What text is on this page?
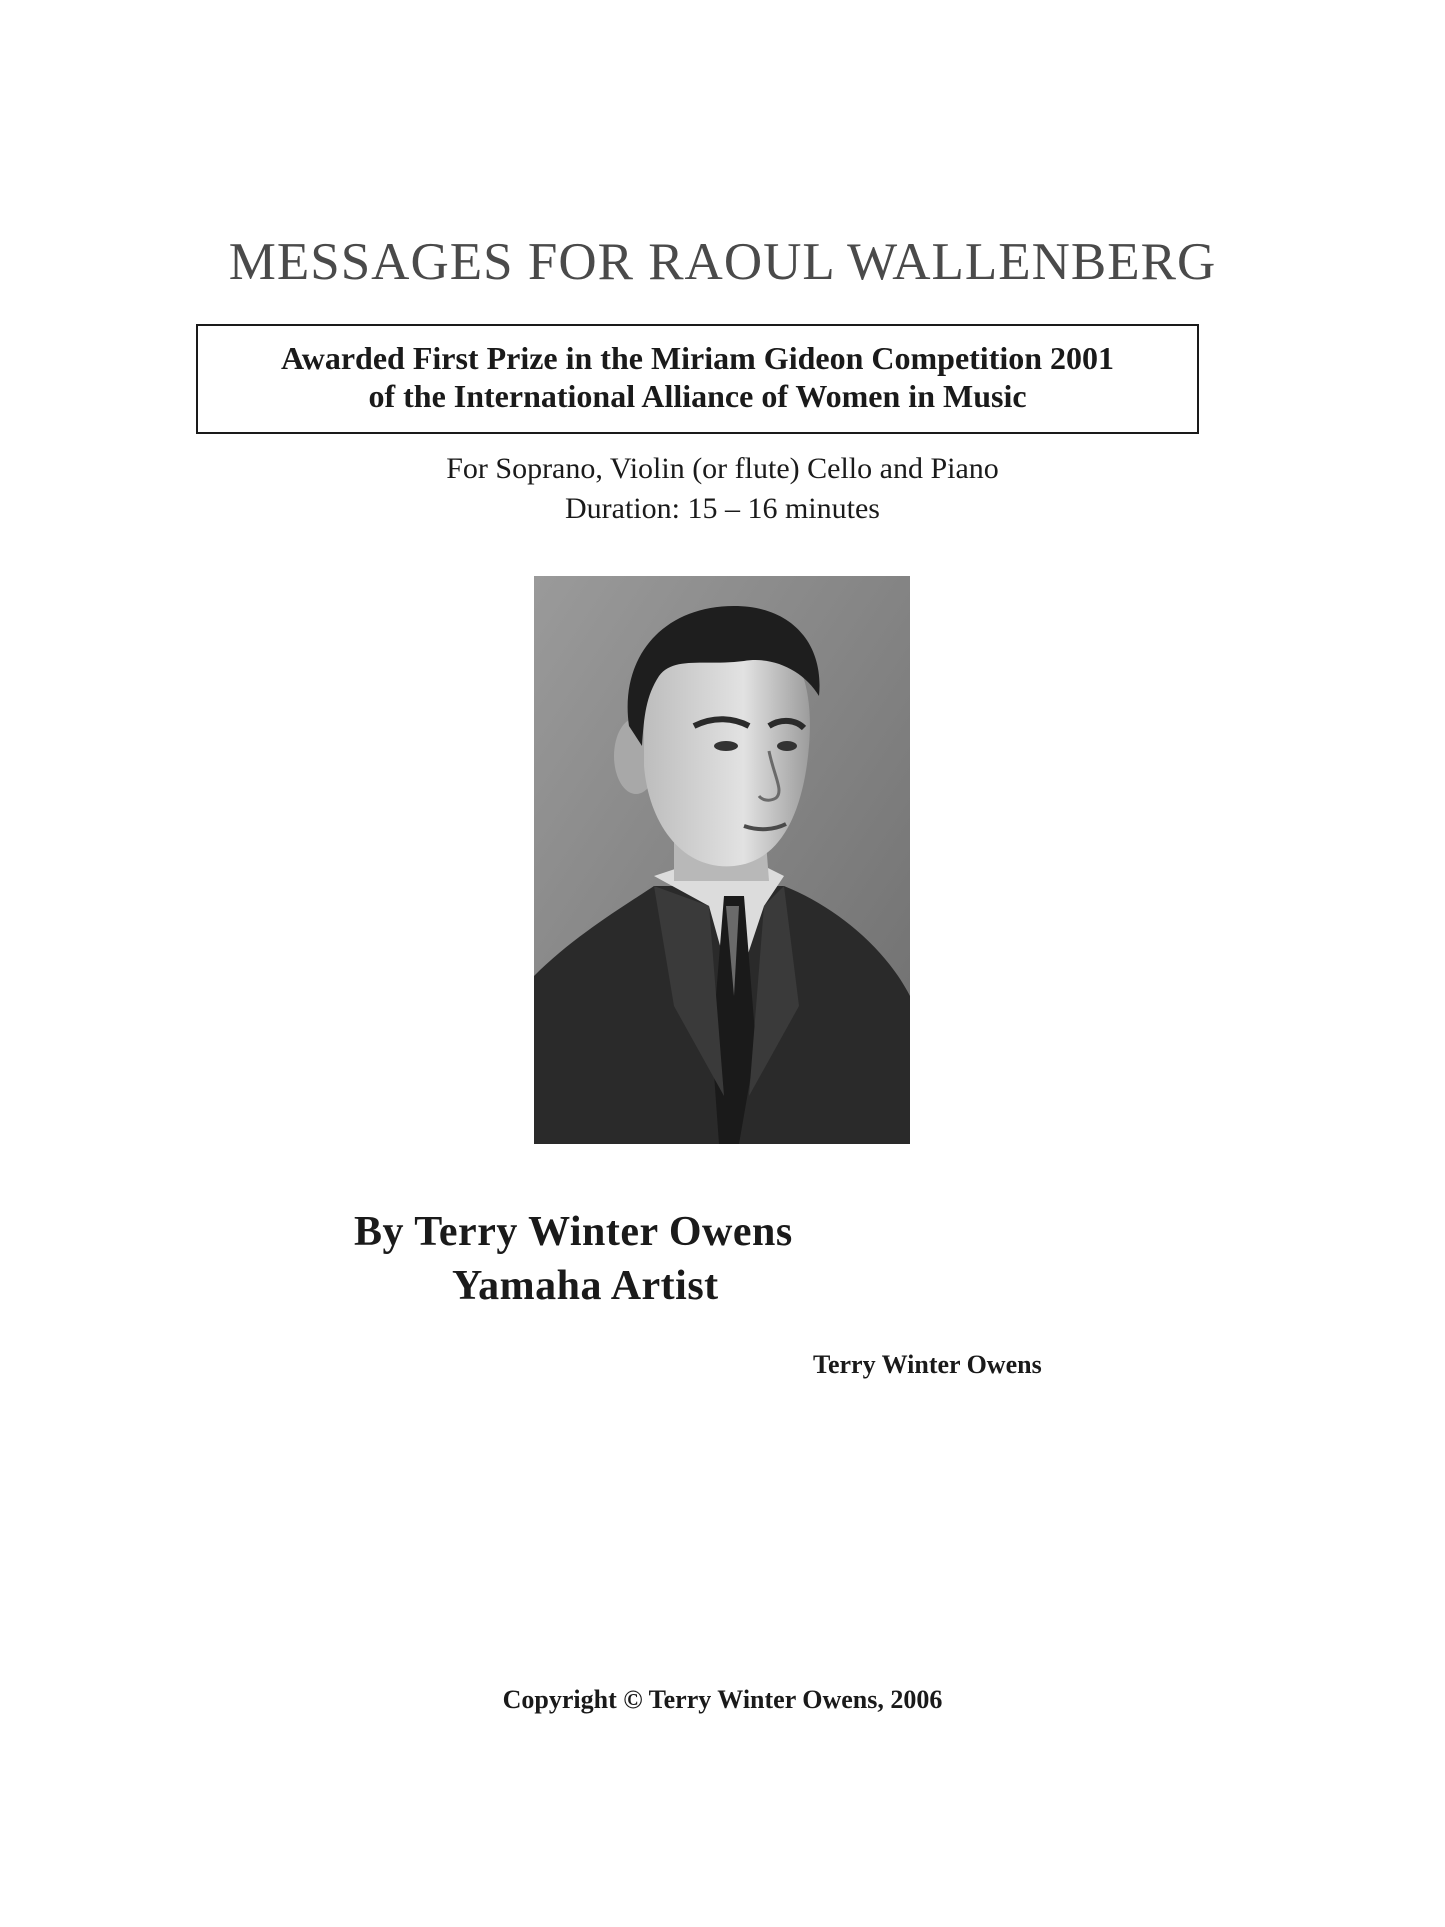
MESSAGES FOR RAOUL WALLENBERG
Awarded First Prize in the Miriam Gideon Competition 2001
of the International Alliance of Women in Music
For Soprano, Violin (or flute) Cello and Piano
Duration: 15 – 16 minutes
By Terry Winter Owens
Yamaha Artist
Terry Winter Owens
Copyright © Terry Winter Owens, 2006
